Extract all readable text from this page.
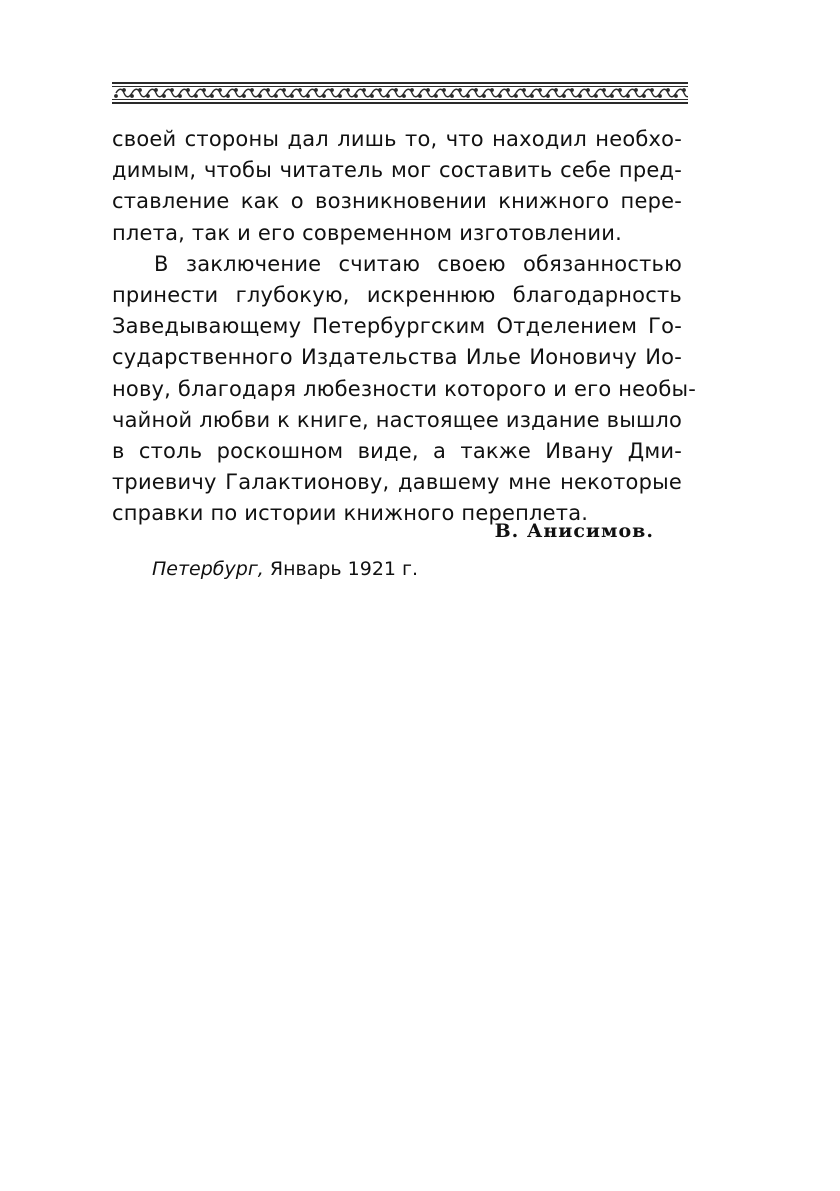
своей стороны дал лишь то, что находил необхо-
димым, чтобы читатель мог составить себе пред-
ставление как о возникновении книжного пере-
плета, так и его современном изготовлении.
В заключение считаю своею обязанностью
принести глубокую, искреннюю благодарность
Заведывающему Петербургским Отделением Го-
сударственного Издательства Илье Ионовичу Ио-
нову, благодаря любезности которого и его необы-
чайной любви к книге, настоящее издание вышло
в столь роскошном виде, а также Ивану Дми-
триевичу Галактионову, давшему мне некоторые
справки по истории книжного переплета.
В. Анисимов.
Петербург, Январь 1921 г.
